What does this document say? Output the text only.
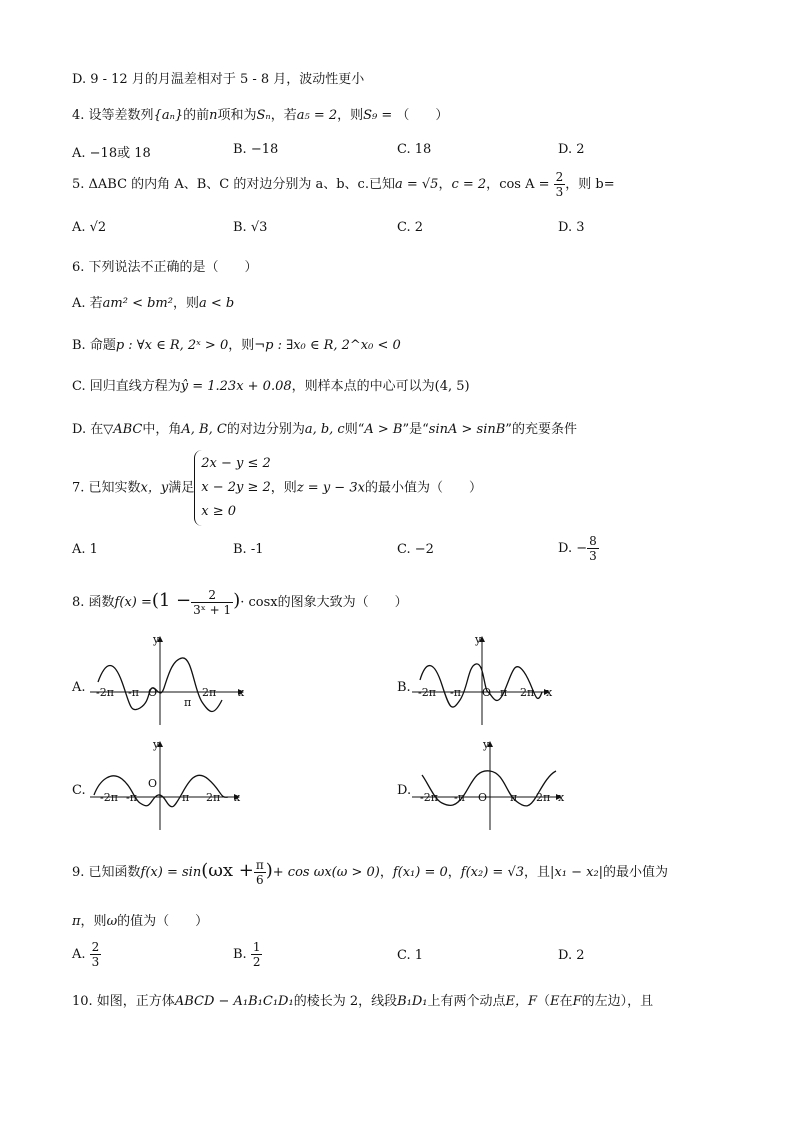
D. 9 - 12 月的月温差相对于 5 - 8 月，波动性更小
4. 设等差数列{aₙ}的前n项和为Sₙ，若a₅ = 2，则S₉ = （　　）
A. −18或 18	B. −18	C. 18	D. 2
5. ΔABC 的内角 A、B、C 的对边分别为 a、b、c.已知a = √5，c = 2，$\cos A = \frac{2}{3}$ ，则 b=
A. √2	B. √3	C. 2	D. 3
6. 下列说法不正确的是（　　）
A. 若am² < bm²，则a < b
B. 命题p : ∀x ∈ R, 2ˣ > 0，则¬p : ∃x₀ ∈ R, 2^x₀ < 0
C. 回归直线方程为ŷ = 1.23x + 0.08，则样本点的中心可以为(4, 5)
D. 在▽ABC中，角A, B, C的对边分别为a, b, c则“A > B”是“sinA > sinB”的充要条件
7. 已知实数x，y满足
2x − y ≤ 2
x − 2y ≥ 2
x ≥ 0
，则z = y − 3x的最小值为（　　）
A. 1	B. -1	C. −2	D. − $\frac{8}{3}$
8. 函数$f(x) =(1 - \frac{2}{\text{3ˣ + 1}}$ )· cosx的图象大致为（　　）
A.	B.
C.	D.
x
y
-2π -π O
π
2π	x
y
-2π -π O π 2π
x
y
-2π -π
O
π 2π	x
y
-2π -π O π 2π
9. 已知函数$f(x) = \sin(\omega x + \frac{\pi}{6}$ )+ cos ωx(ω > 0)，f(x₁) = 0，f(x₂) = √3，且|x₁ − x₂|的最小值为
π，则ω的值为（　　）
A. $\frac{2}{3}$	B. $\frac{1}{2}$	C. 1	D. 2
10. 如图，正方体ABCD − A₁B₁C₁D₁的棱长为 2，线段B₁D₁上有两个动点E，F（E在F的左边），且
